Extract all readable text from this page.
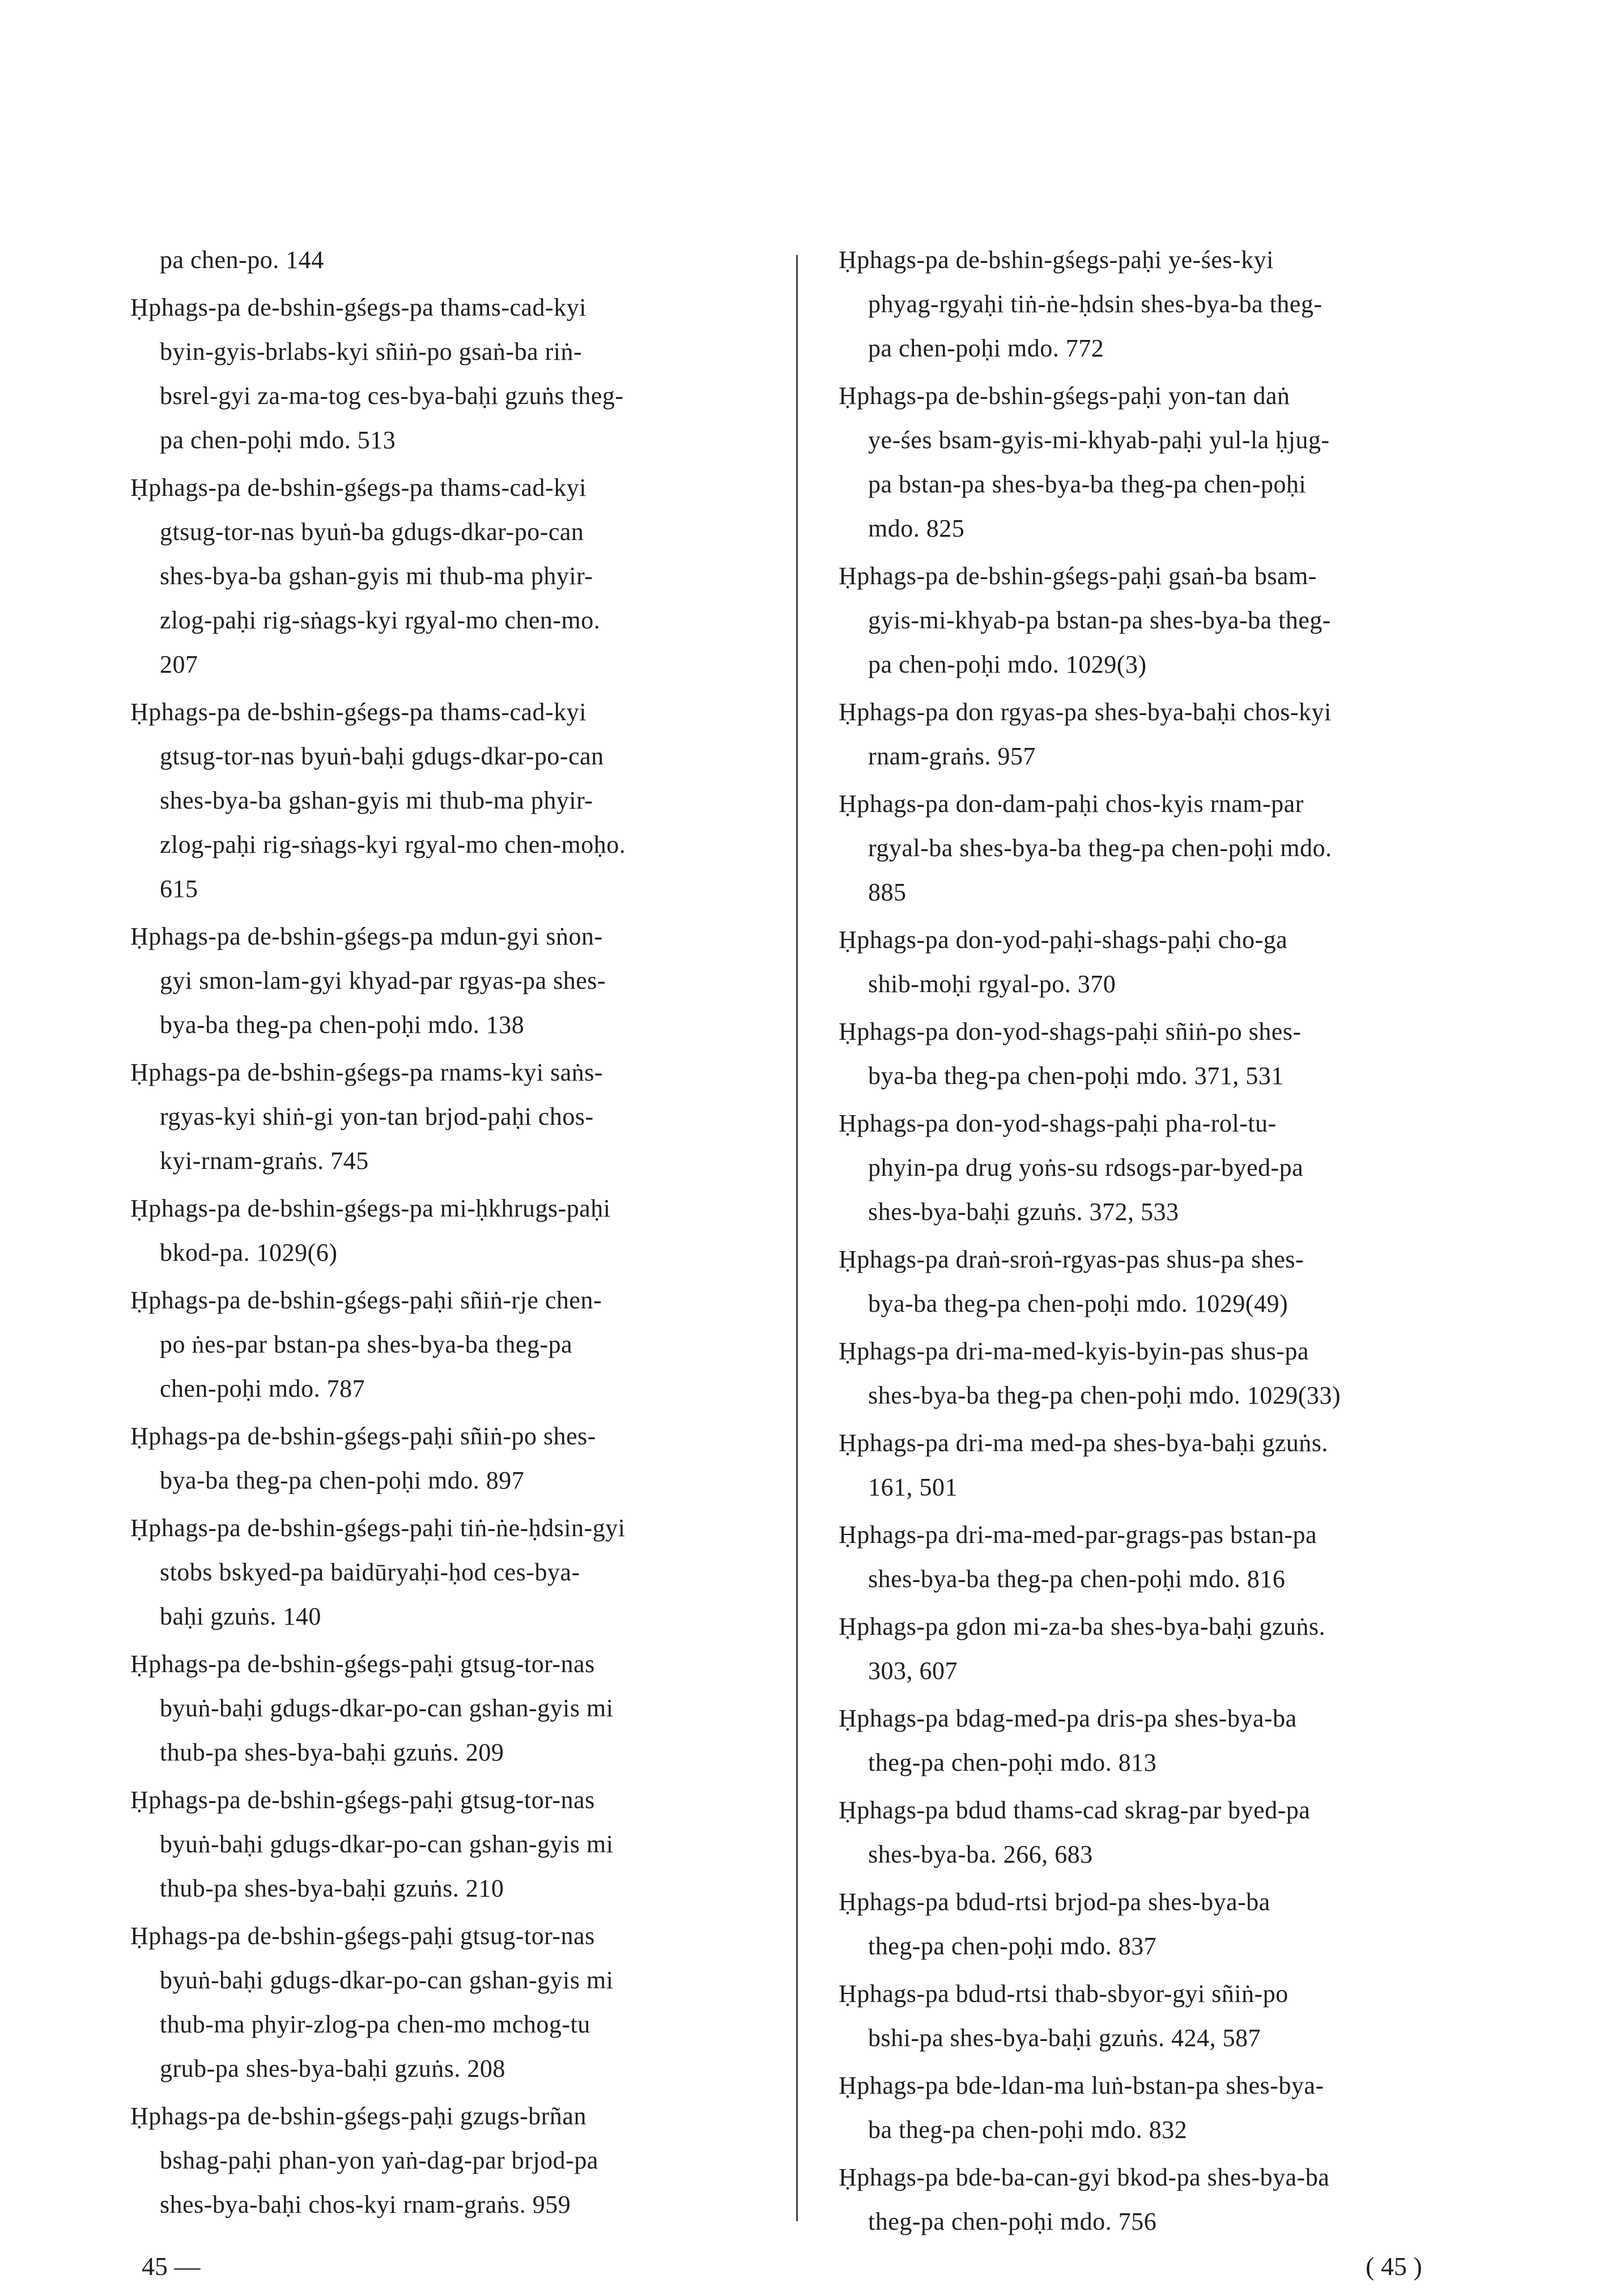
pa chen-po. 144
Ḥphags-pa de-bshin-gśegs-pa thams-cad-kyi
byin-gyis-brlabs-kyi sñiṅ-po gsaṅ-ba riṅ-
bsrel-gyi za-ma-tog ces-bya-baḥi gzuṅs theg-
pa chen-poḥi mdo. 513
Ḥphags-pa de-bshin-gśegs-pa thams-cad-kyi
gtsug-tor-nas byuṅ-ba gdugs-dkar-po-can
shes-bya-ba gshan-gyis mi thub-ma phyir-
zlog-paḥi rig-sṅags-kyi rgyal-mo chen-mo.
207
Ḥphags-pa de-bshin-gśegs-pa thams-cad-kyi
gtsug-tor-nas byuṅ-baḥi gdugs-dkar-po-can
shes-bya-ba gshan-gyis mi thub-ma phyir-
zlog-paḥi rig-sṅags-kyi rgyal-mo chen-moḥo.
615
Ḥphags-pa de-bshin-gśegs-pa mdun-gyi sṅon-
gyi smon-lam-gyi khyad-par rgyas-pa shes-
bya-ba theg-pa chen-poḥi mdo. 138
Ḥphags-pa de-bshin-gśegs-pa rnams-kyi saṅs-
rgyas-kyi shiṅ-gi yon-tan brjod-paḥi chos-
kyi-rnam-graṅs. 745
Ḥphags-pa de-bshin-gśegs-pa mi-ḥkhrugs-paḥi
bkod-pa. 1029(6)
Ḥphags-pa de-bshin-gśegs-paḥi sñiṅ-rje chen-
po ṅes-par bstan-pa shes-bya-ba theg-pa
chen-poḥi mdo. 787
Ḥphags-pa de-bshin-gśegs-paḥi sñiṅ-po shes-
bya-ba theg-pa chen-poḥi mdo. 897
Ḥphags-pa de-bshin-gśegs-paḥi tiṅ-ṅe-ḥdsin-gyi
stobs bskyed-pa baidūryaḥi-ḥod ces-bya-
baḥi gzuṅs. 140
Ḥphags-pa de-bshin-gśegs-paḥi gtsug-tor-nas
byuṅ-baḥi gdugs-dkar-po-can gshan-gyis mi
thub-pa shes-bya-baḥi gzuṅs. 209
Ḥphags-pa de-bshin-gśegs-paḥi gtsug-tor-nas
byuṅ-baḥi gdugs-dkar-po-can gshan-gyis mi
thub-pa shes-bya-baḥi gzuṅs. 210
Ḥphags-pa de-bshin-gśegs-paḥi gtsug-tor-nas
byuṅ-baḥi gdugs-dkar-po-can gshan-gyis mi
thub-ma phyir-zlog-pa chen-mo mchog-tu
grub-pa shes-bya-baḥi gzuṅs. 208
Ḥphags-pa de-bshin-gśegs-paḥi gzugs-brñan
bshag-paḥi phan-yon yaṅ-dag-par brjod-pa
shes-bya-baḥi chos-kyi rnam-graṅs. 959
Ḥphags-pa de-bshin-gśegs-paḥi ye-śes-kyi
phyag-rgyaḥi tiṅ-ṅe-ḥdsin shes-bya-ba theg-
pa chen-poḥi mdo. 772
Ḥphags-pa de-bshin-gśegs-paḥi yon-tan daṅ
ye-śes bsam-gyis-mi-khyab-paḥi yul-la ḥjug-
pa bstan-pa shes-bya-ba theg-pa chen-poḥi
mdo. 825
Ḥphags-pa de-bshin-gśegs-paḥi gsaṅ-ba bsam-
gyis-mi-khyab-pa bstan-pa shes-bya-ba theg-
pa chen-poḥi mdo. 1029(3)
Ḥphags-pa don rgyas-pa shes-bya-baḥi chos-kyi
rnam-graṅs. 957
Ḥphags-pa don-dam-paḥi chos-kyis rnam-par
rgyal-ba shes-bya-ba theg-pa chen-poḥi mdo.
885
Ḥphags-pa don-yod-paḥi-shags-paḥi cho-ga
shib-moḥi rgyal-po. 370
Ḥphags-pa don-yod-shags-paḥi sñiṅ-po shes-
bya-ba theg-pa chen-poḥi mdo. 371, 531
Ḥphags-pa don-yod-shags-paḥi pha-rol-tu-
phyin-pa drug yoṅs-su rdsogs-par-byed-pa
shes-bya-baḥi gzuṅs. 372, 533
Ḥphags-pa draṅ-sroṅ-rgyas-pas shus-pa shes-
bya-ba theg-pa chen-poḥi mdo. 1029(49)
Ḥphags-pa dri-ma-med-kyis-byin-pas shus-pa
shes-bya-ba theg-pa chen-poḥi mdo. 1029(33)
Ḥphags-pa dri-ma med-pa shes-bya-baḥi gzuṅs.
161, 501
Ḥphags-pa dri-ma-med-par-grags-pas bstan-pa
shes-bya-ba theg-pa chen-poḥi mdo. 816
Ḥphags-pa gdon mi-za-ba shes-bya-baḥi gzuṅs.
303, 607
Ḥphags-pa bdag-med-pa dris-pa shes-bya-ba
theg-pa chen-poḥi mdo. 813
Ḥphags-pa bdud thams-cad skrag-par byed-pa
shes-bya-ba. 266, 683
Ḥphags-pa bdud-rtsi brjod-pa shes-bya-ba
theg-pa chen-poḥi mdo. 837
Ḥphags-pa bdud-rtsi thab-sbyor-gyi sñiṅ-po
bshi-pa shes-bya-baḥi gzuṅs. 424, 587
Ḥphags-pa bde-ldan-ma luṅ-bstan-pa shes-bya-
ba theg-pa chen-poḥi mdo. 832
Ḥphags-pa bde-ba-can-gyi bkod-pa shes-bya-ba
theg-pa chen-poḥi mdo. 756
45 —	( 45 )
